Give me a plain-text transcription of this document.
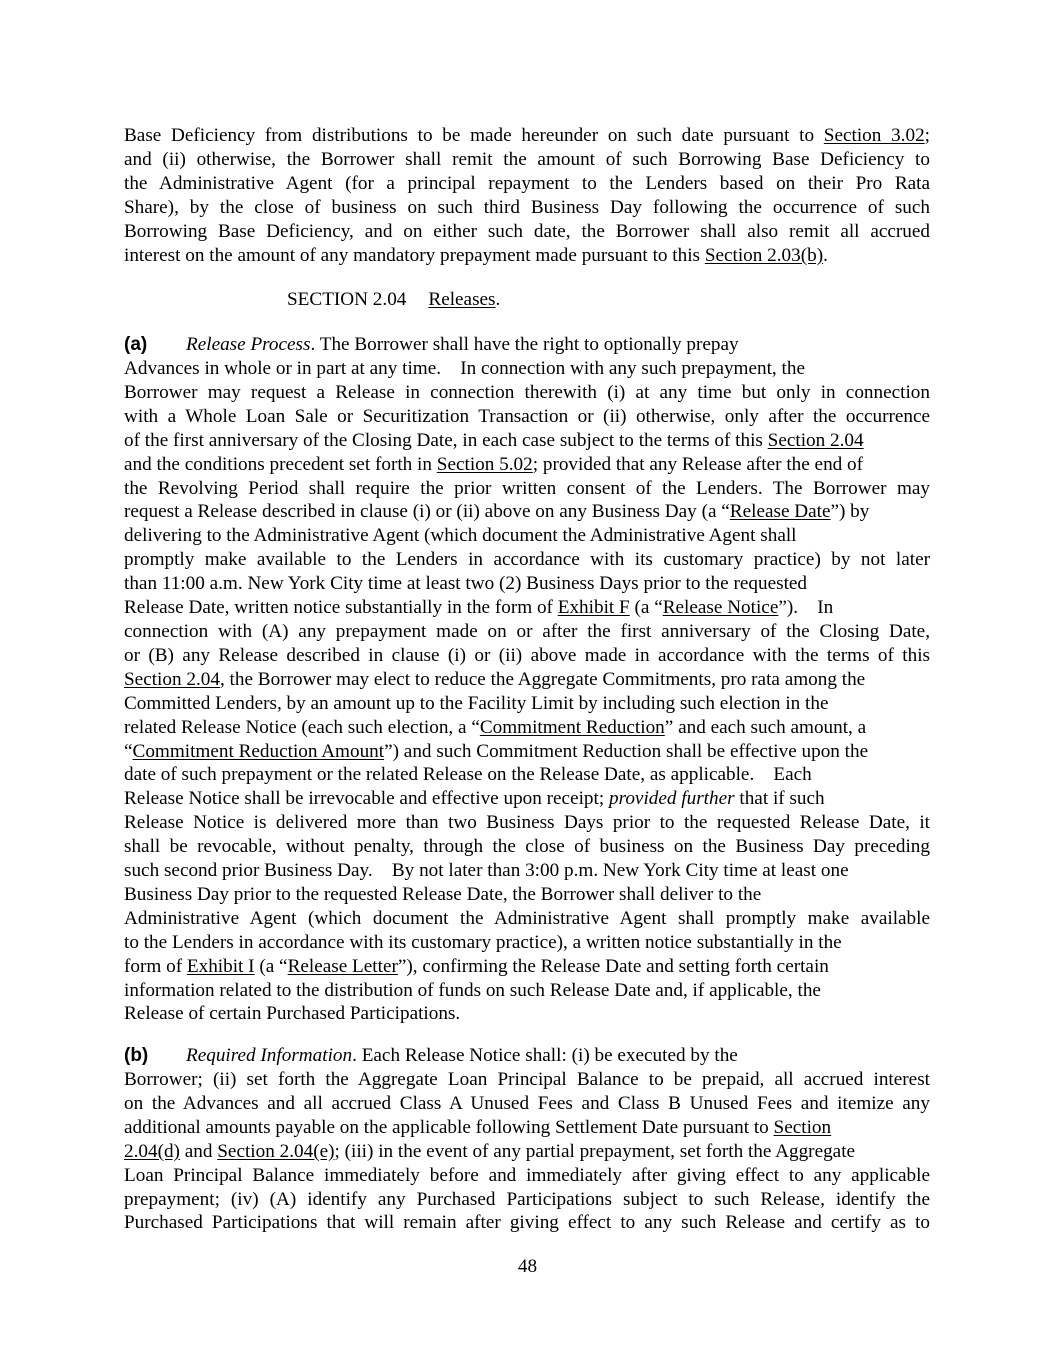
Base Deficiency from distributions to be made hereunder on such date pursuant to Section 3.02;
and (ii) otherwise, the Borrower shall remit the amount of such Borrowing Base Deficiency to
the Administrative Agent (for a principal repayment to the Lenders based on their Pro Rata
Share), by the close of business on such third Business Day following the occurrence of such
Borrowing Base Deficiency, and on either such date, the Borrower shall also remit all accrued
interest on the amount of any mandatory prepayment made pursuant to this Section 2.03(b).
SECTION 2.04 Releases.
(a) Release Process. The Borrower shall have the right to optionally prepay
Advances in whole or in part at any time.    In connection with any such prepayment, the
Borrower may request a Release in connection therewith (i) at any time but only in connection
with a Whole Loan Sale or Securitization Transaction or (ii) otherwise, only after the occurrence
of the first anniversary of the Closing Date, in each case subject to the terms of this Section 2.04
and the conditions precedent set forth in Section 5.02; provided that any Release after the end of
the Revolving Period shall require the prior written consent of the Lenders. The Borrower may
request a Release described in clause (i) or (ii) above on any Business Day (a “Release Date”) by
delivering to the Administrative Agent (which document the Administrative Agent shall
promptly make available to the Lenders in accordance with its customary practice) by not later
than 11:00 a.m. New York City time at least two (2) Business Days prior to the requested
Release Date, written notice substantially in the form of Exhibit F (a “Release Notice”).    In
connection with (A) any prepayment made on or after the first anniversary of the Closing Date,
or (B) any Release described in clause (i) or (ii) above made in accordance with the terms of this
Section 2.04, the Borrower may elect to reduce the Aggregate Commitments, pro rata among the
Committed Lenders, by an amount up to the Facility Limit by including such election in the
related Release Notice (each such election, a “Commitment Reduction” and each such amount, a
“Commitment Reduction Amount”) and such Commitment Reduction shall be effective upon the
date of such prepayment or the related Release on the Release Date, as applicable.    Each
Release Notice shall be irrevocable and effective upon receipt; provided further that if such
Release Notice is delivered more than two Business Days prior to the requested Release Date, it
shall be revocable, without penalty, through the close of business on the Business Day preceding
such second prior Business Day.    By not later than 3:00 p.m. New York City time at least one
Business Day prior to the requested Release Date, the Borrower shall deliver to the
Administrative Agent (which document the Administrative Agent shall promptly make available
to the Lenders in accordance with its customary practice), a written notice substantially in the
form of Exhibit I (a “Release Letter”), confirming the Release Date and setting forth certain
information related to the distribution of funds on such Release Date and, if applicable, the
Release of certain Purchased Participations.
(b) Required Information. Each Release Notice shall: (i) be executed by the
Borrower; (ii) set forth the Aggregate Loan Principal Balance to be prepaid, all accrued interest
on the Advances and all accrued Class A Unused Fees and Class B Unused Fees and itemize any
additional amounts payable on the applicable following Settlement Date pursuant to Section
2.04(d) and Section 2.04(e); (iii) in the event of any partial prepayment, set forth the Aggregate
Loan Principal Balance immediately before and immediately after giving effect to any applicable
prepayment; (iv) (A) identify any Purchased Participations subject to such Release, identify the
Purchased Participations that will remain after giving effect to any such Release and certify as to
48
